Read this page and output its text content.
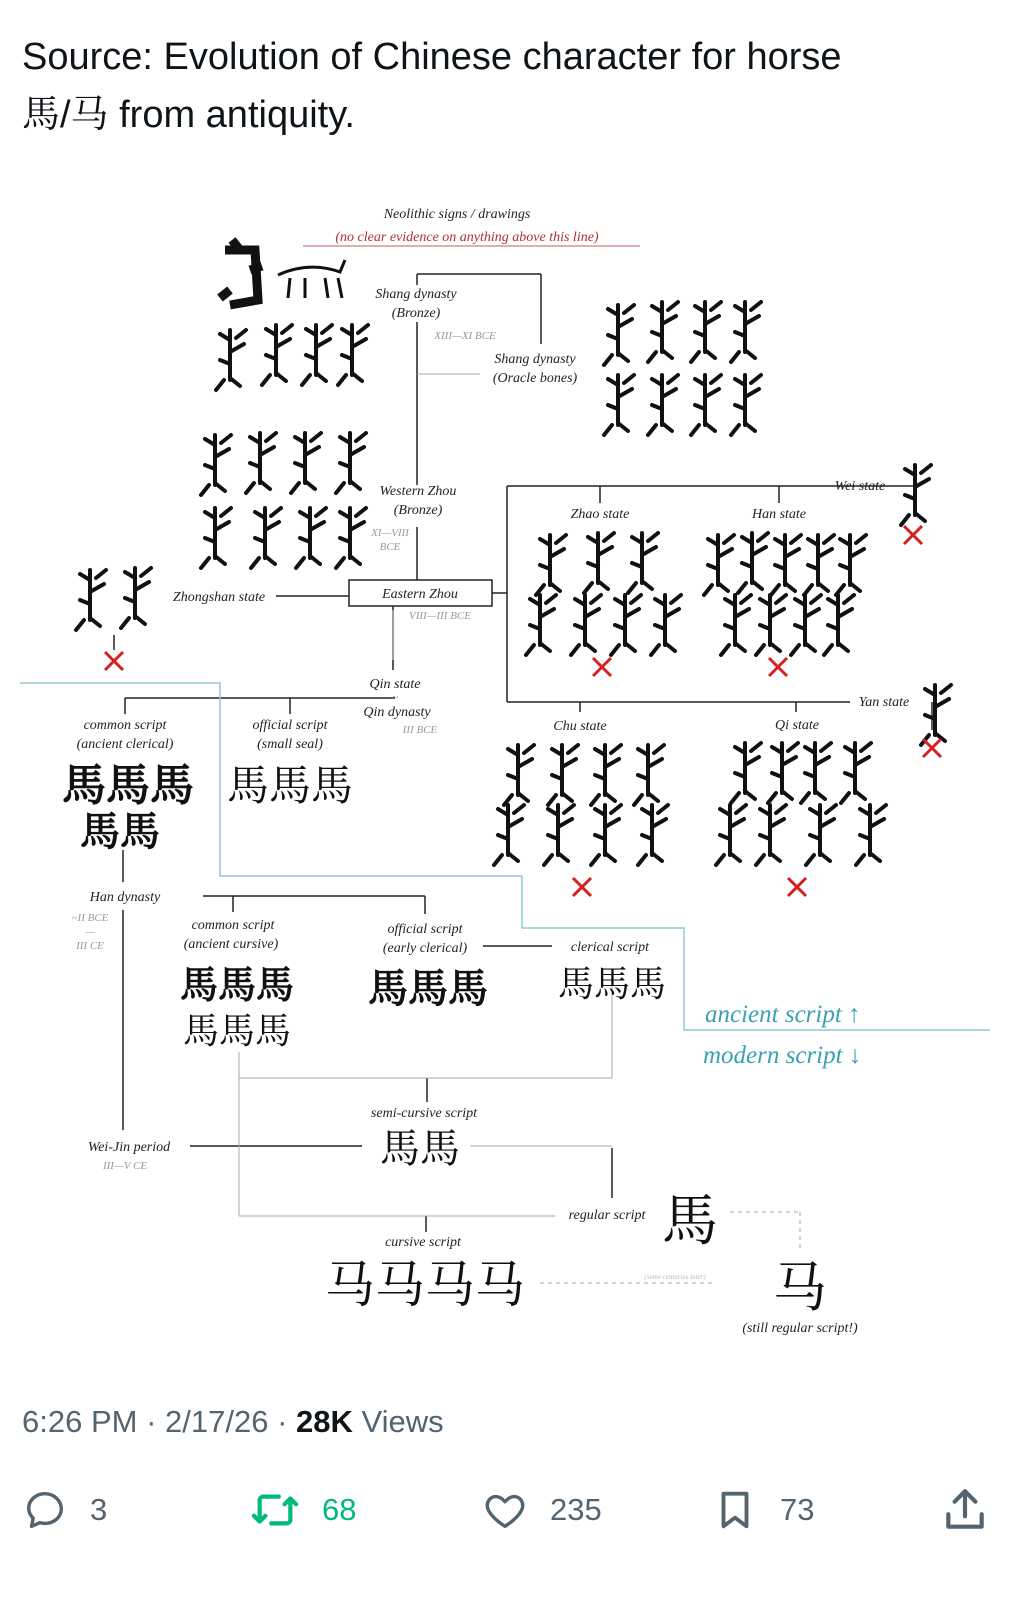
Source: Evolution of Chinese character for horse
馬/马 from antiquity.
Neolithic signs / drawings
(no clear evidence on anything above this line)
Shang dynasty
(Bronze)
XIII—XI BCE
Shang dynasty
(Oracle bones)
Western Zhou
(Bronze)
XI—VIII
BCE
Eastern Zhou
VIII—III BCE
Zhongshan state
Wei state
Zhao state	Han state
Yan state
Chu state	Qi state
Qin state
~
Qin dynasty
III BCE
common script
(ancient clerical)
馬馬馬
馬馬
official script
(small seal)
馬馬馬
Han dynasty
~II BCE
—
III CE
common script
(ancient cursive)
馬馬馬
馬馬馬
official script
(early clerical)
馬馬馬
clerical script
馬馬馬
ancient script ↑
modern script ↓
semi-cursive script
馬馬
Wei-Jin period
III—V CE
regular script 馬
cursive script
马马马马	(some centuries later) 马
(still regular script!)
6:26 PM · 2/17/26 · 28K Views
3	68	235	73
